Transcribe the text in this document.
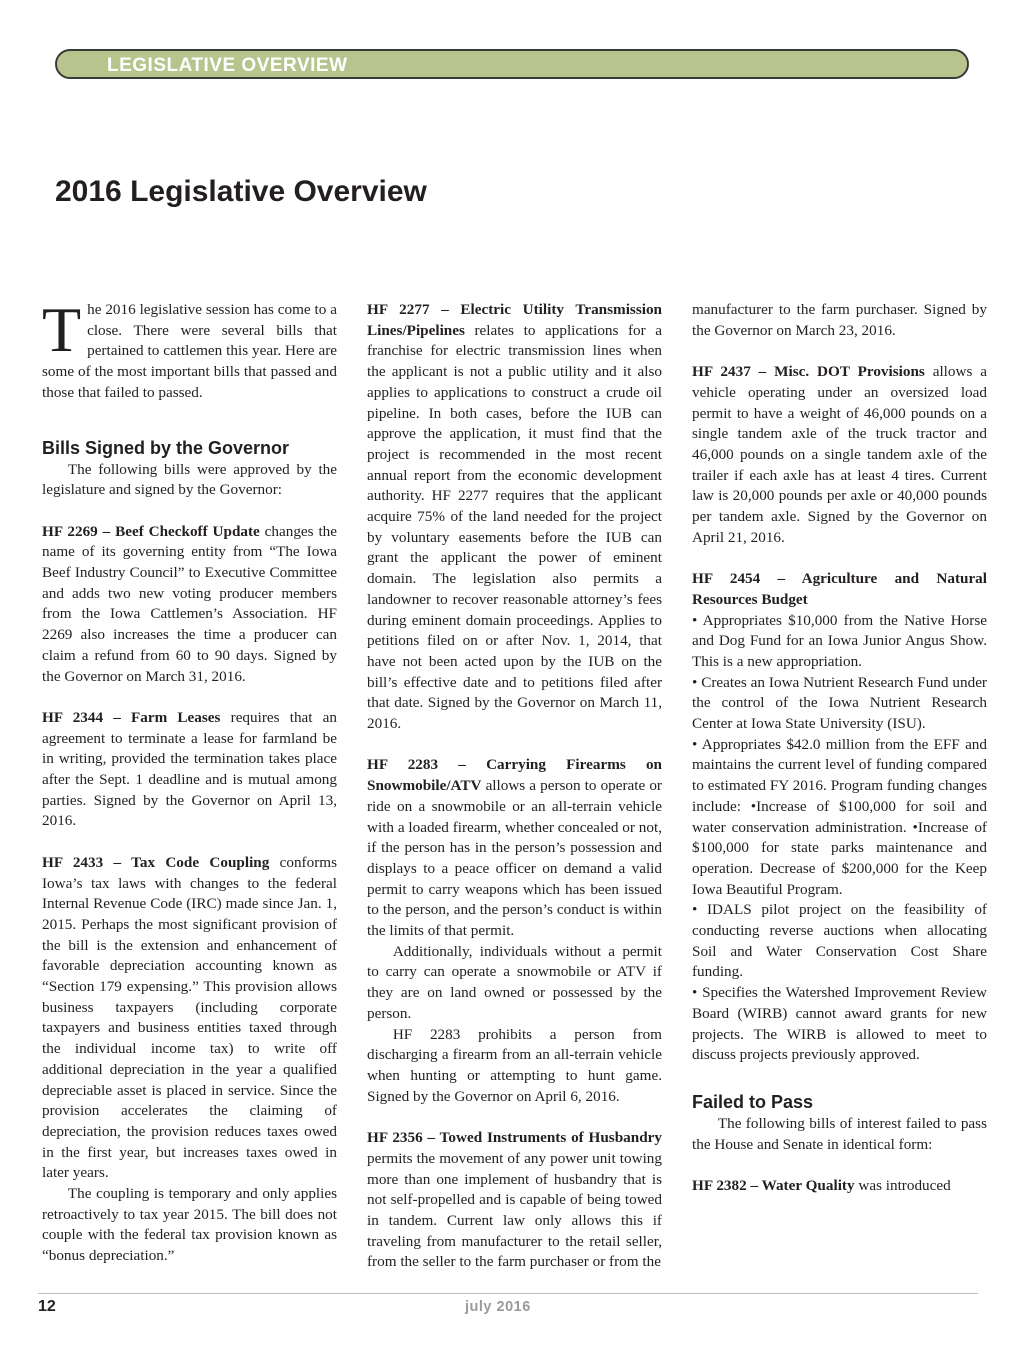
LEGISLATIVE OVERVIEW
2016 Legislative Overview

The 2016 legislative session has come to a close. There were several bills that pertained to cattlemen this year. Here are some of the most important bills that passed and those that failed to passed.

Bills Signed by the Governor

The following bills were approved by the legislature and signed by the Governor:

HF 2269 – Beef Checkoff Update changes the name of its governing entity from “The Iowa Beef Industry Council” to Executive Committee and adds two new voting producer members from the Iowa Cattlemen’s Association. HF 2269 also increases the time a producer can claim a refund from 60 to 90 days. Signed by the Governor on March 31, 2016.

HF 2344 – Farm Leases requires that an agreement to terminate a lease for farmland be in writing, provided the termination takes place after the Sept. 1 deadline and is mutual among parties. Signed by the Governor on April 13, 2016.

HF 2433 – Tax Code Coupling conforms Iowa’s tax laws with changes to the federal Internal Revenue Code (IRC) made since Jan. 1, 2015. Perhaps the most significant provision of the bill is the extension and enhancement of favorable depreciation accounting known as “Section 179 expensing.” This provision allows business taxpayers (including corporate taxpayers and business entities taxed through the individual income tax) to write off additional depreciation in the year a qualified depreciable asset is placed in service. Since the provision accelerates the claiming of depreciation, the provision reduces taxes owed in the first year, but increases taxes owed in later years.

The coupling is temporary and only applies retroactively to tax year 2015. The bill does not couple with the federal tax provision known as “bonus depreciation.”

HF 2277 – Electric Utility Transmission Lines/Pipelines relates to applications for a franchise for electric transmission lines when the applicant is not a public utility and it also applies to applications to construct a crude oil pipeline. In both cases, before the IUB can approve the application, it must find that the project is recommended in the most recent annual report from the economic development authority. HF 2277 requires that the applicant acquire 75% of the land needed for the project by voluntary easements before the IUB can grant the applicant the power of eminent domain. The legislation also permits a landowner to recover reasonable attorney’s fees during eminent domain proceedings. Applies to petitions filed on or after Nov. 1, 2014, that have not been acted upon by the IUB on the bill’s effective date and to petitions filed after that date. Signed by the Governor on March 11, 2016.

HF 2283 – Carrying Firearms on Snowmobile/ATV allows a person to operate or ride on a snowmobile or an all-terrain vehicle with a loaded firearm, whether concealed or not, if the person has in the person’s possession and displays to a peace officer on demand a valid permit to carry weapons which has been issued to the person, and the person’s conduct is within the limits of that permit.

Additionally, individuals without a permit to carry can operate a snowmobile or ATV if they are on land owned or possessed by the person.

HF 2283 prohibits a person from discharging a firearm from an all-terrain vehicle when hunting or attempting to hunt game. Signed by the Governor on April 6, 2016.

HF 2356 – Towed Instruments of Husbandry permits the movement of any power unit towing more than one implement of husbandry that is not self-propelled and is capable of being towed in tandem. Current law only allows this if traveling from manufacturer to the retail seller, from the seller to the farm purchaser or from the

manufacturer to the farm purchaser. Signed by the Governor on March 23, 2016.

HF 2437 – Misc. DOT Provisions allows a vehicle operating under an oversized load permit to have a weight of 46,000 pounds on a single tandem axle of the truck tractor and 46,000 pounds on a single tandem axle of the trailer if each axle has at least 4 tires. Current law is 20,000 pounds per axle or 40,000 pounds per tandem axle. Signed by the Governor on April 21, 2016.

HF 2454 – Agriculture and Natural Resources Budget

• Appropriates $10,000 from the Native Horse and Dog Fund for an Iowa Junior Angus Show. This is a new appropriation.

• Creates an Iowa Nutrient Research Fund under the control of the Iowa Nutrient Research Center at Iowa State University (ISU).

• Appropriates $42.0 million from the EFF and maintains the current level of funding compared to estimated FY 2016. Program funding changes include: •Increase of $100,000 for soil and water conservation administration. •Increase of $100,000 for state parks maintenance and operation. Decrease of $200,000 for the Keep Iowa Beautiful Program.

• IDALS pilot project on the feasibility of conducting reverse auctions when allocating Soil and Water Conservation Cost Share funding.

• Specifies the Watershed Improvement Review Board (WIRB) cannot award grants for new projects. The WIRB is allowed to meet to discuss projects previously approved.

Failed to Pass

The following bills of interest failed to pass the House and Senate in identical form:

HF 2382 – Water Quality was introduced

12	july 2016
